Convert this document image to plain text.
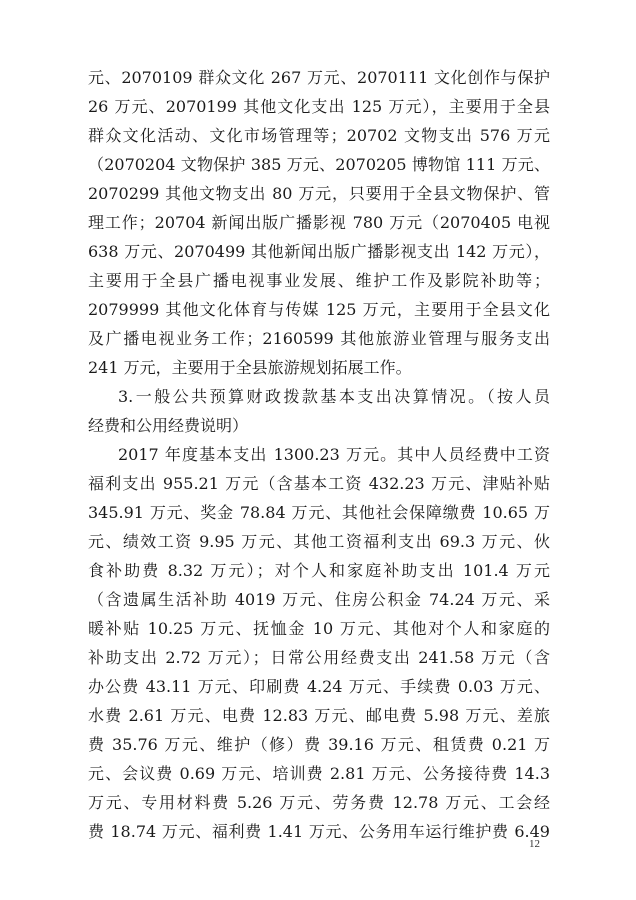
元、2070109 群众文化 267 万元、2070111 文化创作与保护
26 万元、2070199 其他文化支出 125 万元），主要用于全县
群众文化活动、文化市场管理等；20702 文物支出 576 万元
（2070204 文物保护 385 万元、2070205 博物馆 111 万元、
2070299 其他文物支出 80 万元，只要用于全县文物保护、管
理工作；20704 新闻出版广播影视 780 万元（2070405 电视
638 万元、2070499 其他新闻出版广播影视支出 142 万元），
主要用于全县广播电视事业发展、维护工作及影院补助等；
2079999 其他文化体育与传媒 125 万元，主要用于全县文化
及广播电视业务工作；2160599 其他旅游业管理与服务支出
241 万元，主要用于全县旅游规划拓展工作。
3.一般公共预算财政拨款基本支出决算情况。（按人员
经费和公用经费说明）
2017 年度基本支出 1300.23 万元。其中人员经费中工资
福利支出 955.21 万元（含基本工资 432.23 万元、津贴补贴
345.91 万元、奖金 78.84 万元、其他社会保障缴费 10.65 万
元、绩效工资 9.95 万元、其他工资福利支出 69.3 万元、伙
食补助费 8.32 万元）；对个人和家庭补助支出 101.4 万元
（含遗属生活补助 4019 万元、住房公积金 74.24 万元、采
暖补贴 10.25 万元、抚恤金 10 万元、其他对个人和家庭的
补助支出 2.72 万元）；日常公用经费支出 241.58 万元（含
办公费 43.11 万元、印刷费 4.24 万元、手续费 0.03 万元、
水费 2.61 万元、电费 12.83 万元、邮电费 5.98 万元、差旅
费 35.76 万元、维护（修）费 39.16 万元、租赁费 0.21 万
元、会议费 0.69 万元、培训费 2.81 万元、公务接待费 14.3
万元、专用材料费 5.26 万元、劳务费 12.78 万元、工会经
费 18.74 万元、福利费 1.41 万元、公务用车运行维护费 6.49
12
